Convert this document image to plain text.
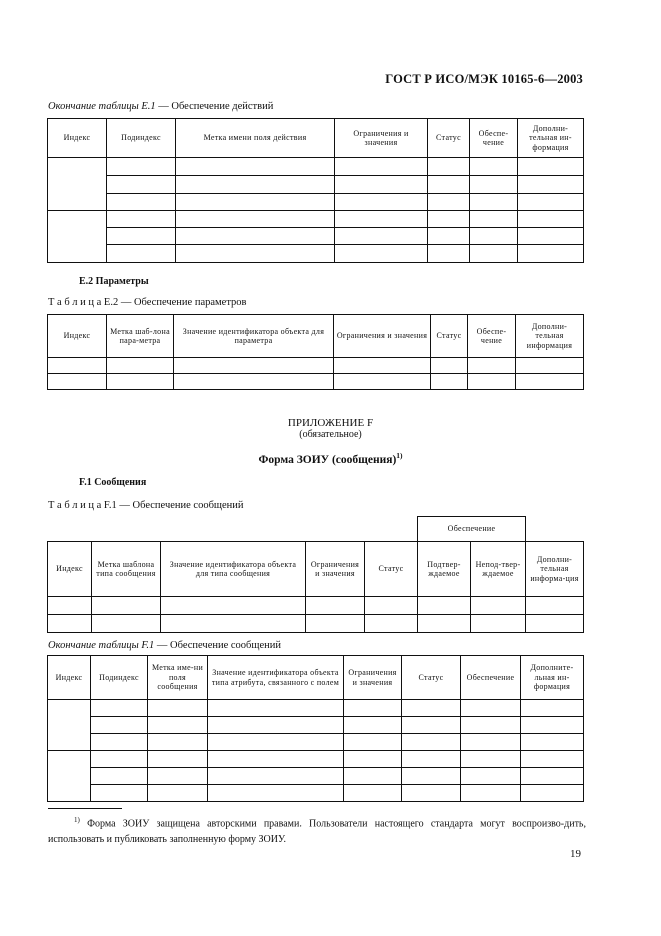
ГОСТ Р ИСО/МЭК 10165-6—2003
Окончание таблицы Е.1 — Обеспечение действий
Индекс	Подиндекс	Метка имени поля действия	Ограничения и значения	Статус	Обеспе-чение	Дополни-тельная ин-формация

Е.2 Параметры
Т а б л и ц а Е.2 — Обеспечение параметров
Индекс	Метка шаб-лона пара-метра	Значение идентификатора объекта для параметра	Ограничения и значения	Статус	Обеспе-чение	Дополни-тельная информация

ПРИЛОЖЕНИЕ F
(обязательное)
Форма ЗОИУ (сообщения)$^{1)}$
F.1 Сообщения
Т а б л и ц а F.1 — Обеспечение сообщений
					Обеспечение		
Индекс	Метка шаблона типа сообщения	Значение идентификатора объекта для типа сообщения	Ограничения и значения	Статус	Подтвер-ждаемое	Непод-твер-ждаемое	Дополни-тельная информа-ция

Окончание таблицы F.1 — Обеспечение сообщений
Индекс	Подиндекс	Метка име-ни поля сообщения	Значение идентификатора объекта типа атрибута, связанного с полем	Ограничения и значения	Статус	Обеспечение	Дополните-льная ин-формация

$^{1)}$ Форма ЗОИУ защищена авторскими правами. Пользователи настоящего стандарта могут воспроизво-дить, использовать и публиковать заполненную форму ЗОИУ.
19
